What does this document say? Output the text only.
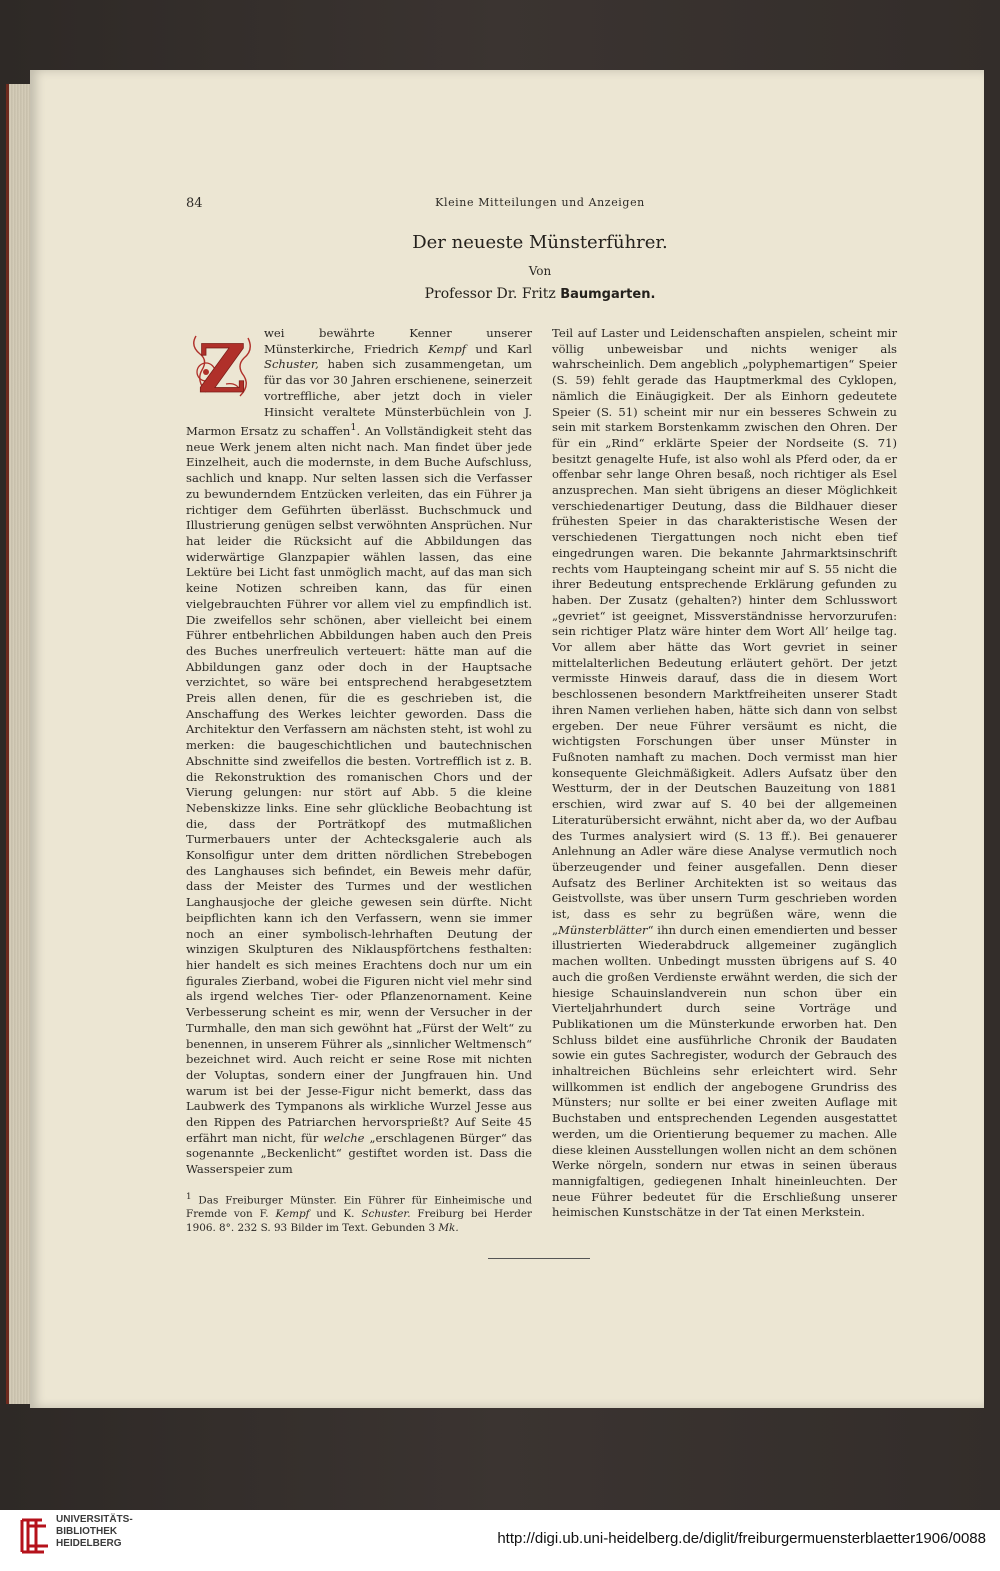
84	Kleine Mitteilungen und Anzeigen
Der neueste Münsterführer.
Von
Professor Dr. Fritz Baumgarten.
Z wei bewährte Kenner unserer Münsterkirche, Friedrich Kempf und Karl Schuster, haben sich zusammengetan, um für das vor 30 Jahren erschienene, seinerzeit vortreffliche, aber jetzt doch in vieler Hinsicht veraltete Münsterbüchlein von J. Marmon Ersatz zu schaffen$^1$. An Vollständigkeit steht das neue Werk jenem alten nicht nach. Man findet über jede Einzelheit, auch die modernste, in dem Buche Aufschluss, sachlich und knapp. Nur selten lassen sich die Verfasser zu bewunderndem Entzücken verleiten, das ein Führer ja richtiger dem Geführten überlässt. Buchschmuck und Illustrierung genügen selbst verwöhnten Ansprüchen. Nur hat leider die Rücksicht auf die Abbildungen das widerwärtige Glanzpapier wählen lassen, das eine Lektüre bei Licht fast unmöglich macht, auf das man sich keine Notizen schreiben kann, das für einen vielgebrauchten Führer vor allem viel zu empfindlich ist. Die zweifellos sehr schönen, aber vielleicht bei einem Führer entbehrlichen Abbildungen haben auch den Preis des Buches unerfreulich verteuert: hätte man auf die Abbildungen ganz oder doch in der Hauptsache verzichtet, so wäre bei entsprechend herabgesetztem Preis allen denen, für die es geschrieben ist, die Anschaffung des Werkes leichter geworden. Dass die Architektur den Verfassern am nächsten steht, ist wohl zu merken: die baugeschichtlichen und bautechnischen Abschnitte sind zweifellos die besten. Vortrefflich ist z. B. die Rekonstruktion des romanischen Chors und der Vierung gelungen: nur stört auf Abb. 5 die kleine Nebenskizze links. Eine sehr glückliche Beobachtung ist die, dass der Porträtkopf des mutmaßlichen Turmerbauers unter der Achtecksgalerie auch als Konsolfigur unter dem dritten nördlichen Strebebogen des Langhauses sich befindet, ein Beweis mehr dafür, dass der Meister des Turmes und der westlichen Langhausjoche der gleiche gewesen sein dürfte. Nicht beipflichten kann ich den Verfassern, wenn sie immer noch an einer symbolisch-lehrhaften Deutung der winzigen Skulpturen des Niklauspförtchens festhalten: hier handelt es sich meines Erachtens doch nur um ein figurales Zierband, wobei die Figuren nicht viel mehr sind als irgend welches Tier- oder Pflanzenornament. Keine Verbesserung scheint es mir, wenn der Versucher in der Turmhalle, den man sich gewöhnt hat „Fürst der Welt“ zu benennen, in unserem Führer als „sinnlicher Weltmensch“ bezeichnet wird. Auch reicht er seine Rose mit nichten der Voluptas, sondern einer der Jungfrauen hin. Und warum ist bei der Jesse-Figur nicht bemerkt, dass das Laubwerk des Tympanons als wirkliche Wurzel Jesse aus den Rippen des Patriarchen hervorsprießt? Auf Seite 45 erfährt man nicht, für welche „erschlagenen Bürger“ das sogenannte „Beckenlicht“ gestiftet worden ist. Dass die Wasserspeier zum
Teil auf Laster und Leidenschaften anspielen, scheint mir völlig unbeweisbar und nichts weniger als wahrscheinlich. Dem angeblich „polyphemartigen“ Speier (S. 59) fehlt gerade das Hauptmerkmal des Cyklopen, nämlich die Einäugigkeit. Der als Einhorn gedeutete Speier (S. 51) scheint mir nur ein besseres Schwein zu sein mit starkem Borstenkamm zwischen den Ohren. Der für ein „Rind“ erklärte Speier der Nordseite (S. 71) besitzt genagelte Hufe, ist also wohl als Pferd oder, da er offenbar sehr lange Ohren besaß, noch richtiger als Esel anzusprechen. Man sieht übrigens an dieser Möglichkeit verschiedenartiger Deutung, dass die Bildhauer dieser frühesten Speier in das charakteristische Wesen der verschiedenen Tiergattungen noch nicht eben tief eingedrungen waren. Die bekannte Jahrmarktsinschrift rechts vom Haupteingang scheint mir auf S. 55 nicht die ihrer Bedeutung entsprechende Erklärung gefunden zu haben. Der Zusatz (gehalten?) hinter dem Schlusswort „gevriet“ ist geeignet, Missverständnisse hervorzurufen: sein richtiger Platz wäre hinter dem Wort All’ heilge tag. Vor allem aber hätte das Wort gevriet in seiner mittelalterlichen Bedeutung erläutert gehört. Der jetzt vermisste Hinweis darauf, dass die in diesem Wort beschlossenen besondern Marktfreiheiten unserer Stadt ihren Namen verliehen haben, hätte sich dann von selbst ergeben. Der neue Führer versäumt es nicht, die wichtigsten Forschungen über unser Münster in Fußnoten namhaft zu machen. Doch vermisst man hier konsequente Gleichmäßigkeit. Adlers Aufsatz über den Westturm, der in der Deutschen Bauzeitung von 1881 erschien, wird zwar auf S. 40 bei der allgemeinen Literaturübersicht erwähnt, nicht aber da, wo der Aufbau des Turmes analysiert wird (S. 13 ff.). Bei genauerer Anlehnung an Adler wäre diese Analyse vermutlich noch überzeugender und feiner ausgefallen. Denn dieser Aufsatz des Berliner Architekten ist so weitaus das Geistvollste, was über unsern Turm geschrieben worden ist, dass es sehr zu begrüßen wäre, wenn die „Münsterblätter“ ihn durch einen emendierten und besser illustrierten Wiederabdruck allgemeiner zugänglich machen wollten. Unbedingt mussten übrigens auf S. 40 auch die großen Verdienste erwähnt werden, die sich der hiesige Schauinslandverein nun schon über ein Vierteljahrhundert durch seine Vorträge und Publikationen um die Münsterkunde erworben hat. Den Schluss bildet eine ausführliche Chronik der Baudaten sowie ein gutes Sachregister, wodurch der Gebrauch des inhaltreichen Büchleins sehr erleichtert wird. Sehr willkommen ist endlich der angebogene Grundriss des Münsters; nur sollte er bei einer zweiten Auflage mit Buchstaben und entsprechenden Legenden ausgestattet werden, um die Orientierung bequemer zu machen. Alle diese kleinen Ausstellungen wollen nicht an dem schönen Werke nörgeln, sondern nur etwas in seinen überaus mannigfaltigen, gediegenen Inhalt hineinleuchten. Der neue Führer bedeutet für die Erschließung unserer heimischen Kunstschätze in der Tat einen Merkstein.
$^1$ Das Freiburger Münster. Ein Führer für Einheimische und Fremde von F. Kempf und K. Schuster. Freiburg bei Herder 1906. 8°. 232 S. 93 Bilder im Text. Gebunden 3 Mk.
UNIVERSITÄTS-
BIBLIOTHEK
HEIDELBERG	http://digi.ub.uni-heidelberg.de/diglit/freiburgermuensterblaetter1906/0088
